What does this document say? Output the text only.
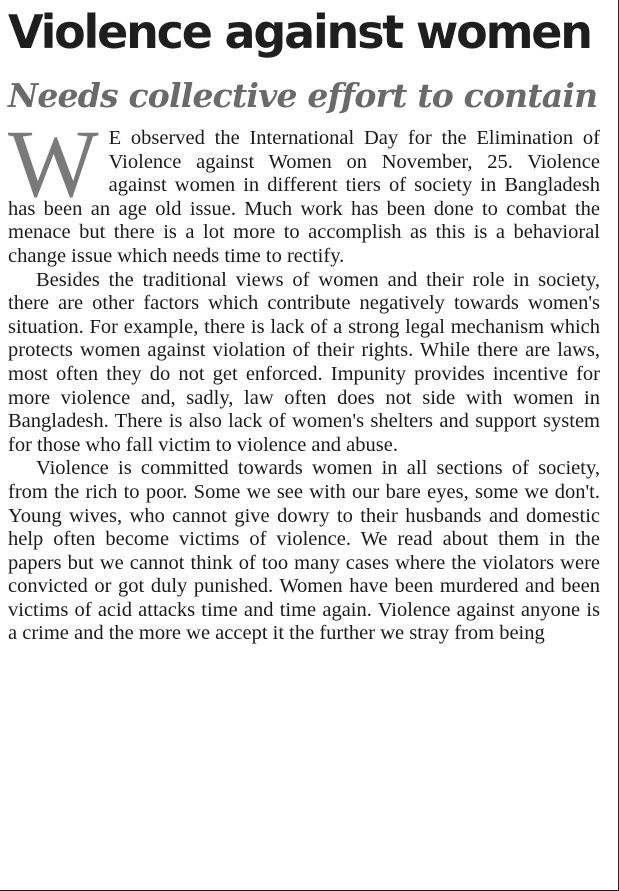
Violence against women
Needs collective effort to contain

W E observed the International Day for the Elimination of Violence against Women on November, 25. Violence against women in different tiers of society in Bangladesh has been an age old issue. Much work has been done to combat the menace but there is a lot more to accomplish as this is a behavioral change issue which needs time to rectify.

Besides the traditional views of women and their role in society, there are other factors which contribute negatively towards women's situation. For example, there is lack of a strong legal mechanism which protects women against violation of their rights. While there are laws, most often they do not get enforced. Impunity provides incentive for more violence and, sadly, law often does not side with women in Bangladesh. There is also lack of women's shelters and support system for those who fall victim to violence and abuse.

Violence is committed towards women in all sections of society, from the rich to poor. Some we see with our bare eyes, some we don't. Young wives, who cannot give dowry to their husbands and domestic help often become victims of violence. We read about them in the papers but we cannot think of too many cases where the violators were convicted or got duly punished. Women have been murdered and been victims of acid attacks time and time again. Violence against anyone is a crime and the more we accept it the further we stray from being
